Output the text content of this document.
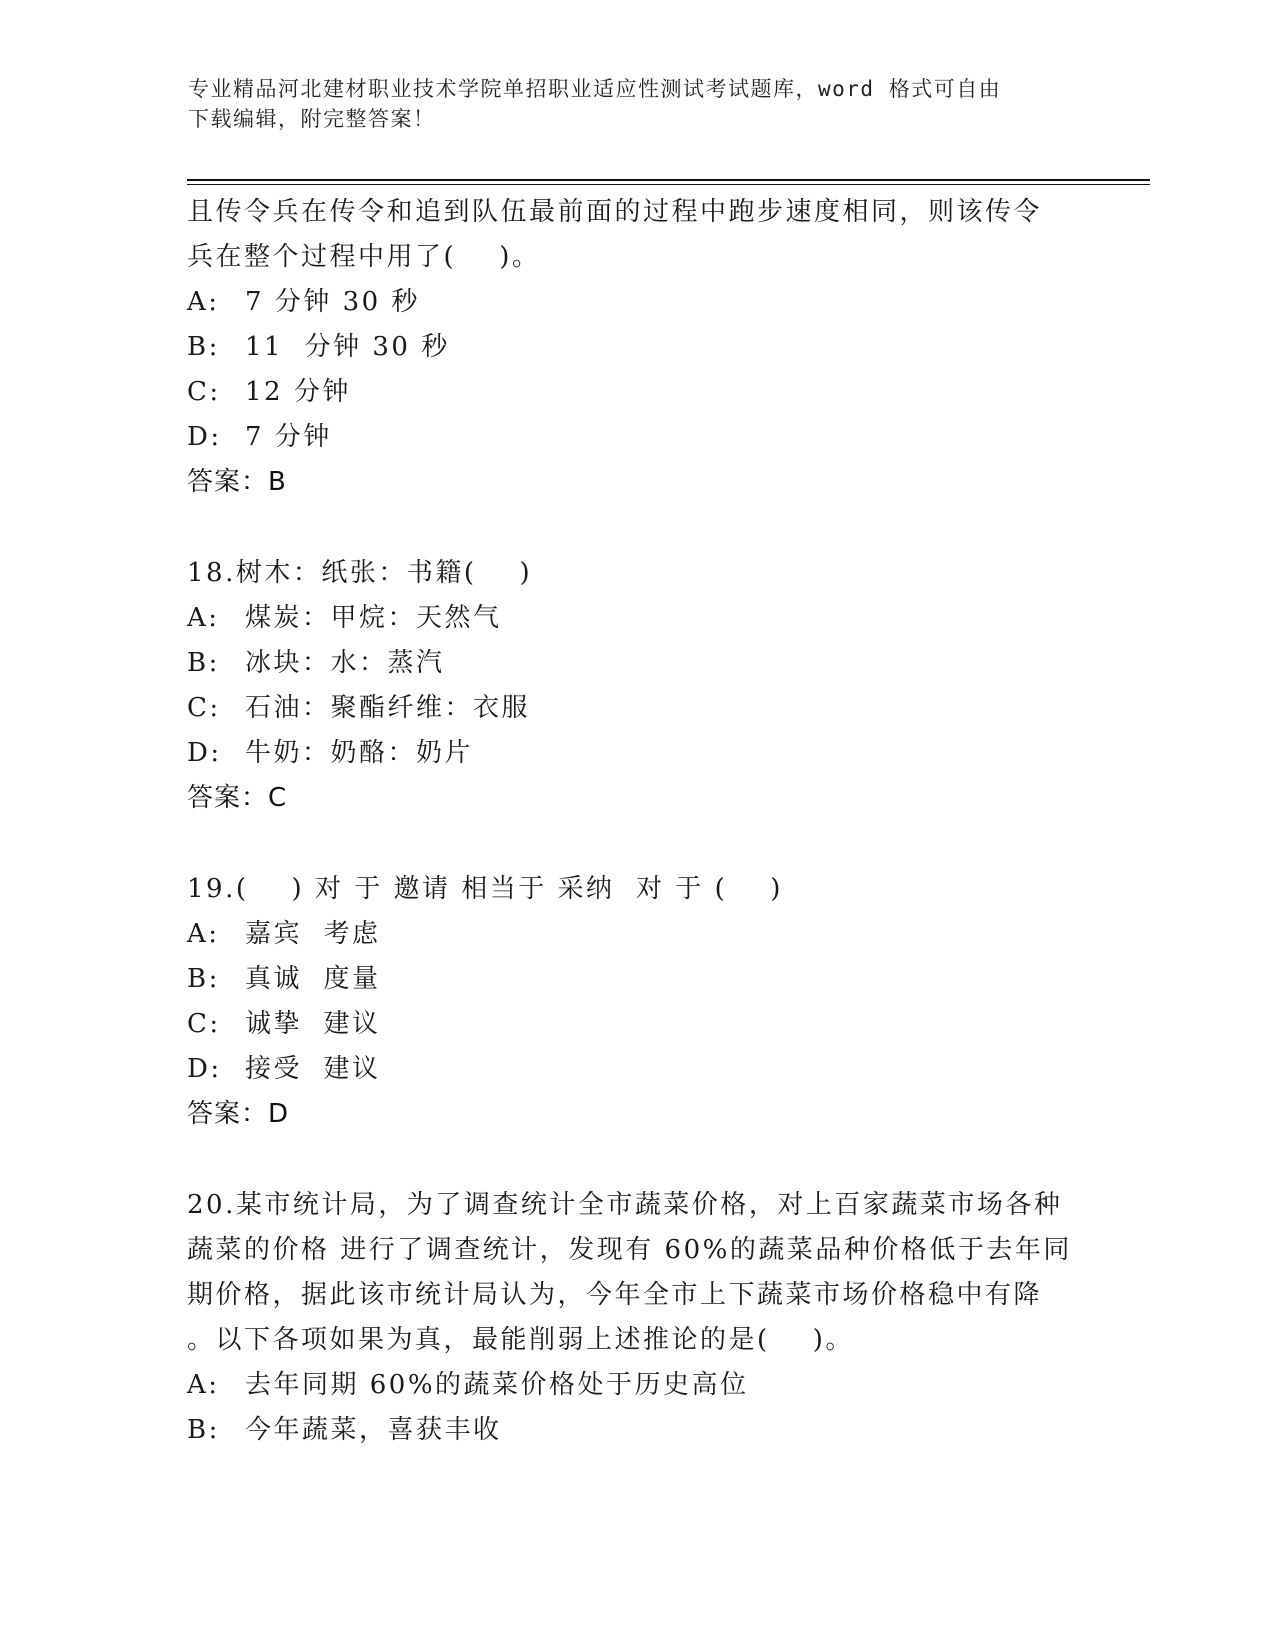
专业精品河北建材职业技术学院单招职业适应性测试考试题库，word 格式可自由
下载编辑，附完整答案！
且传令兵在传令和追到队伍最前面的过程中跑步速度相同，则该传令
兵在整个过程中用了(    )。
A: 7 分钟 30 秒
B: 11  分钟 30 秒
C: 12 分钟
D: 7 分钟
答案：B
18.树木：纸张：书籍(    )
A: 煤炭：甲烷：天然气
B: 冰块：水：蒸汽
C: 石油：聚酯纤维：衣服
D: 牛奶：奶酪：奶片
答案：C
19.(    ) 对 于 邀请 相当于 采纳  对 于 (    )
A: 嘉宾  考虑
B: 真诚  度量
C: 诚挚  建议
D: 接受  建议
答案：D
20.某市统计局，为了调查统计全市蔬菜价格，对上百家蔬菜市场各种
蔬菜的价格 进行了调查统计，发现有 60%的蔬菜品种价格低于去年同
期价格，据此该市统计局认为，今年全市上下蔬菜市场价格稳中有降
。以下各项如果为真，最能削弱上述推论的是(    )。
A: 去年同期 60%的蔬菜价格处于历史高位
B: 今年蔬菜，喜获丰收
